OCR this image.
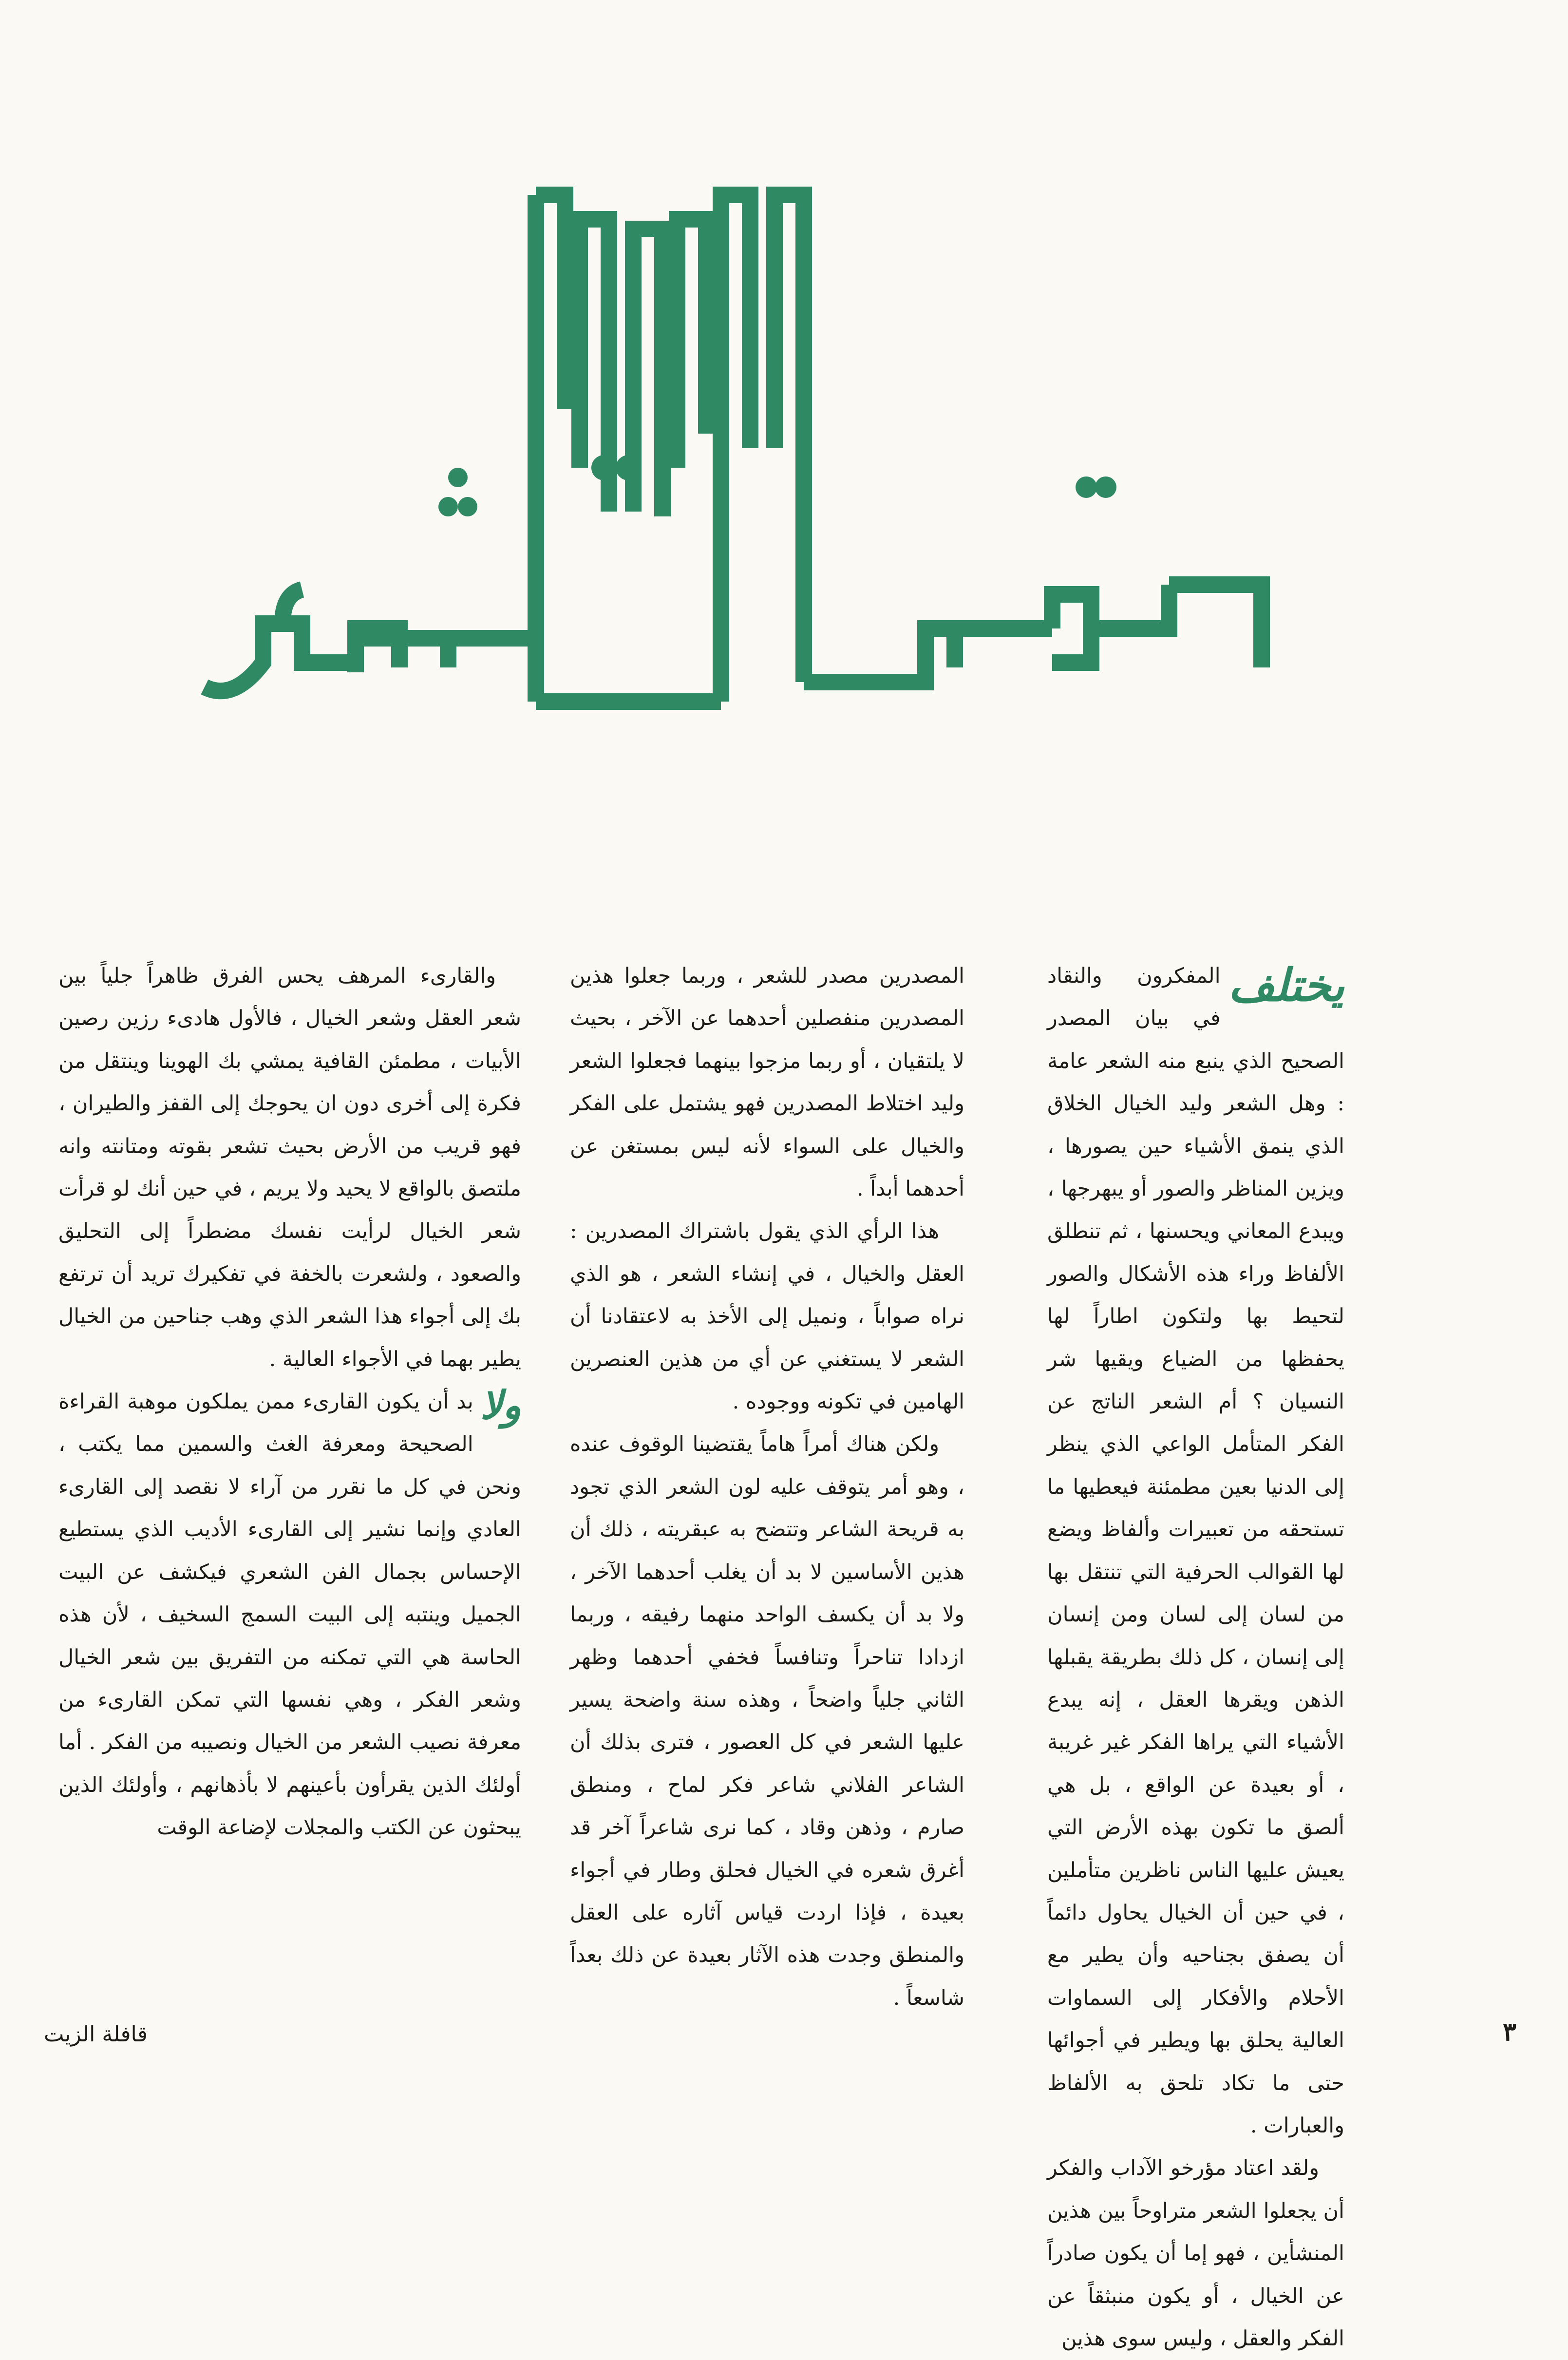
يختلف

المفكرون والنقاد في بيان المصدر الصحيح الذي ينبع منه الشعر عامة : وهل الشعر وليد الخيال الخلاق الذي ينمق الأشياء حين يصورها ، ويزين المناظر والصور أو يبهرجها ، ويبدع المعاني ويحسنها ، ثم تنطلق الألفاظ وراء هذه الأشكال والصور لتحيط بها ولتكون اطاراً لها يحفظها من الضياع ويقيها شر النسيان ؟ أم الشعر الناتج عن الفكر المتأمل الواعي الذي ينظر إلى الدنيا بعين مطمئنة فيعطيها ما تستحقه من تعبيرات وألفاظ ويضع لها القوالب الحرفية التي تنتقل بها من لسان إلى لسان ومن إنسان إلى إنسان ، كل ذلك بطريقة يقبلها الذهن ويقرها العقل ، إنه يبدع الأشياء التي يراها الفكر غير غريبة ، أو بعيدة عن الواقع ، بل هي ألصق ما تكون بهذه الأرض التي يعيش عليها الناس ناظرين متأملين ، في حين أن الخيال يحاول دائماً أن يصفق بجناحيه وأن يطير مع الأحلام والأفكار إلى السماوات العالية يحلق بها ويطير في أجوائها حتى ما تكاد تلحق به الألفاظ والعبارات .

ولقد اعتاد مؤرخو الآداب والفكر أن يجعلوا الشعر متراوحاً بين هذين المنشأين ، فهو إما أن يكون صادراً عن الخيال ، أو يكون منبثقاً عن الفكر والعقل ، وليس سوى هذين

المصدرين مصدر للشعر ، وربما جعلوا هذين المصدرين منفصلين أحدهما عن الآخر ، بحيث لا يلتقيان ، أو ربما مزجوا بينهما فجعلوا الشعر وليد اختلاط المصدرين فهو يشتمل على الفكر والخيال على السواء لأنه ليس بمستغن عن أحدهما أبداً .

هذا الرأي الذي يقول باشتراك المصدرين : العقل والخيال ، في إنشاء الشعر ، هو الذي نراه صواباً ، ونميل إلى الأخذ به لاعتقادنا أن الشعر لا يستغني عن أي من هذين العنصرين الهامين في تكونه ووجوده .

ولكن هناك أمراً هاماً يقتضينا الوقوف عنده ، وهو أمر يتوقف عليه لون الشعر الذي تجود به قريحة الشاعر وتتضح به عبقريته ، ذلك أن هذين الأساسين لا بد أن يغلب أحدهما الآخر ، ولا بد أن يكسف الواحد منهما رفيقه ، وربما ازدادا تناحراً وتنافساً فخفي أحدهما وظهر الثاني جلياً واضحاً ، وهذه سنة واضحة يسير عليها الشعر في كل العصور ، فترى بذلك أن الشاعر الفلاني شاعر فكر لماح ، ومنطق صارم ، وذهن وقاد ، كما نرى شاعراً آخر قد أغرق شعره في الخيال فحلق وطار في أجواء بعيدة ، فإذا اردت قياس آثاره على العقل والمنطق وجدت هذه الآثار بعيدة عن ذلك بعداً شاسعاً .

والقارىء المرهف يحس الفرق ظاهراً جلياً بين شعر العقل وشعر الخيال ، فالأول هادىء رزين رصين الأبيات ، مطمئن القافية يمشي بك الهوينا وينتقل من فكرة إلى أخرى دون ان يحوجك إلى القفز والطيران ، فهو قريب من الأرض بحيث تشعر بقوته ومتانته وانه ملتصق بالواقع لا يحيد ولا يريم ، في حين أنك لو قرأت شعر الخيال لرأيت نفسك مضطراً إلى التحليق والصعود ، ولشعرت بالخفة في تفكيرك تريد أن ترتفع بك إلى أجواء هذا الشعر الذي وهب جناحين من الخيال يطير بهما في الأجواء العالية .

ولا

بد أن يكون القارىء ممن يملكون موهبة القراءة الصحيحة ومعرفة الغث والسمين مما يكتب ، ونحن في كل ما نقرر من آراء لا نقصد إلى القارىء العادي وإنما نشير إلى القارىء الأديب الذي يستطيع الإحساس بجمال الفن الشعري فيكشف عن البيت الجميل وينتبه إلى البيت السمج السخيف ، لأن هذه الحاسة هي التي تمكنه من التفريق بين شعر الخيال وشعر الفكر ، وهي نفسها التي تمكن القارىء من معرفة نصيب الشعر من الخيال ونصيبه من الفكر . أما أولئك الذين يقرأون بأعينهم لا بأذهانهم ، وأولئك الذين يبحثون عن الكتب والمجلات لإضاعة الوقت

٣
قافلة الزيت
